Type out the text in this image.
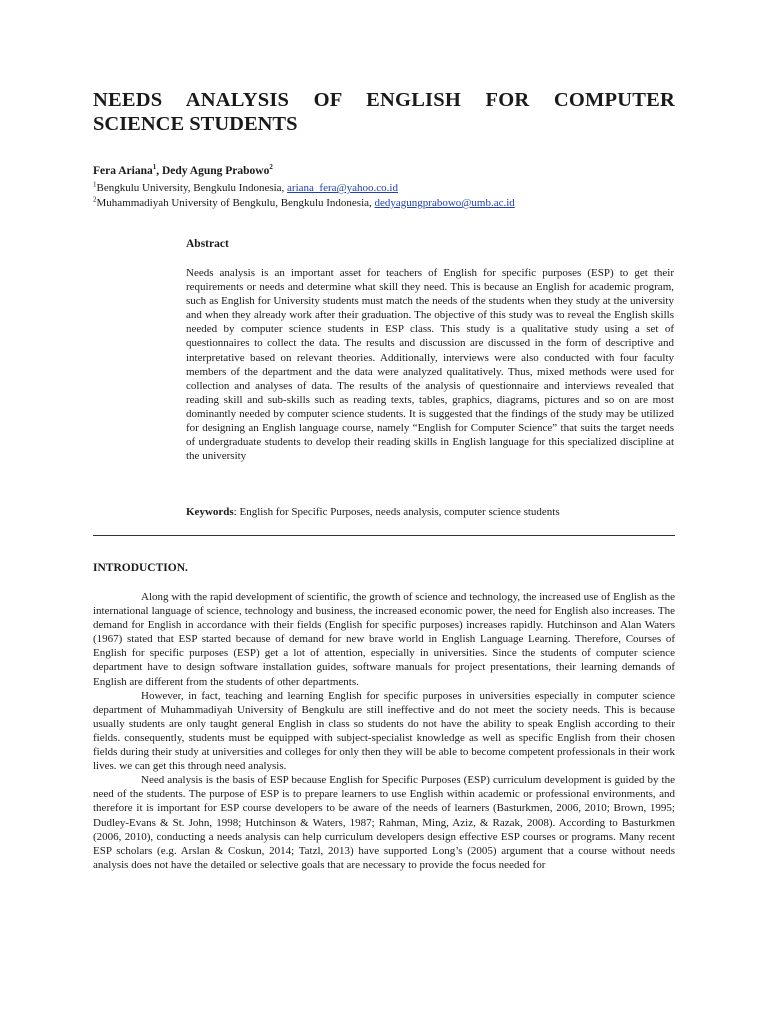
NEEDS ANALYSIS OF ENGLISH FOR COMPUTER
SCIENCE STUDENTS
Fera Ariana$^1$, Dedy Agung Prabowo$^2$
$^1$Bengkulu University, Bengkulu Indonesia, ariana_fera@yahoo.co.id
$^2$Muhammadiyah University of Bengkulu, Bengkulu Indonesia, dedyagungprabowo@umb.ac.id
Abstract
Needs analysis is an important asset for teachers of English for specific purposes (ESP) to get their requirements or needs and determine what skill they need. This is because an English for academic program, such as English for University students must match the needs of the students when they study at the university and when they already work after their graduation. The objective of this study was to reveal the English skills needed by computer science students in ESP class. This study is a qualitative study using a set of questionnaires to collect the data. The results and discussion are discussed in the form of descriptive and interpretative based on relevant theories. Additionally, interviews were also conducted with four faculty members of the department and the data were analyzed qualitatively. Thus, mixed methods were used for collection and analyses of data. The results of the analysis of questionnaire and interviews revealed that reading skill and sub-skills such as reading texts, tables, graphics, diagrams, pictures and so on are most dominantly needed by computer science students. It is suggested that the findings of the study may be utilized for designing an English language course, namely “English for Computer Science” that suits the target needs of undergraduate students to develop their reading skills in English language for this specialized discipline at the university
Keywords: English for Specific Purposes, needs analysis, computer science students
INTRODUCTION.

Along with the rapid development of scientific, the growth of science and technology, the increased use of English as the international language of science, technology and business, the increased economic power, the need for English also increases. The demand for English in accordance with their fields (English for specific purposes) increases rapidly. Hutchinson and Alan Waters (1967) stated that ESP started because of demand for new brave world in English Language Learning. Therefore, Courses of English for specific purposes (ESP) get a lot of attention, especially in universities. Since the students of computer science department have to design software installation guides, software manuals for project presentations, their learning demands of English are different from the students of other departments.

However, in fact, teaching and learning English for specific purposes in universities especially in computer science department of Muhammadiyah University of Bengkulu are still ineffective and do not meet the society needs. This is because usually students are only taught general English in class so students do not have the ability to speak English according to their fields. consequently, students must be equipped with subject-specialist knowledge as well as specific English from their chosen fields during their study at universities and colleges for only then they will be able to become competent professionals in their work lives. we can get this through need analysis.

Need analysis is the basis of ESP because English for Specific Purposes (ESP) curriculum development is guided by the need of the students. The purpose of ESP is to prepare learners to use English within academic or professional environments, and therefore it is important for ESP course developers to be aware of the needs of learners (Basturkmen, 2006, 2010; Brown, 1995; Dudley-Evans & St. John, 1998; Hutchinson & Waters, 1987; Rahman, Ming, Aziz, & Razak, 2008). According to Basturkmen (2006, 2010), conducting a needs analysis can help curriculum developers design effective ESP courses or programs. Many recent ESP scholars (e.g. Arslan & Coskun, 2014; Tatzl, 2013) have supported Long’s (2005) argument that a course without needs analysis does not have the detailed or selective goals that are necessary to provide the focus needed for
